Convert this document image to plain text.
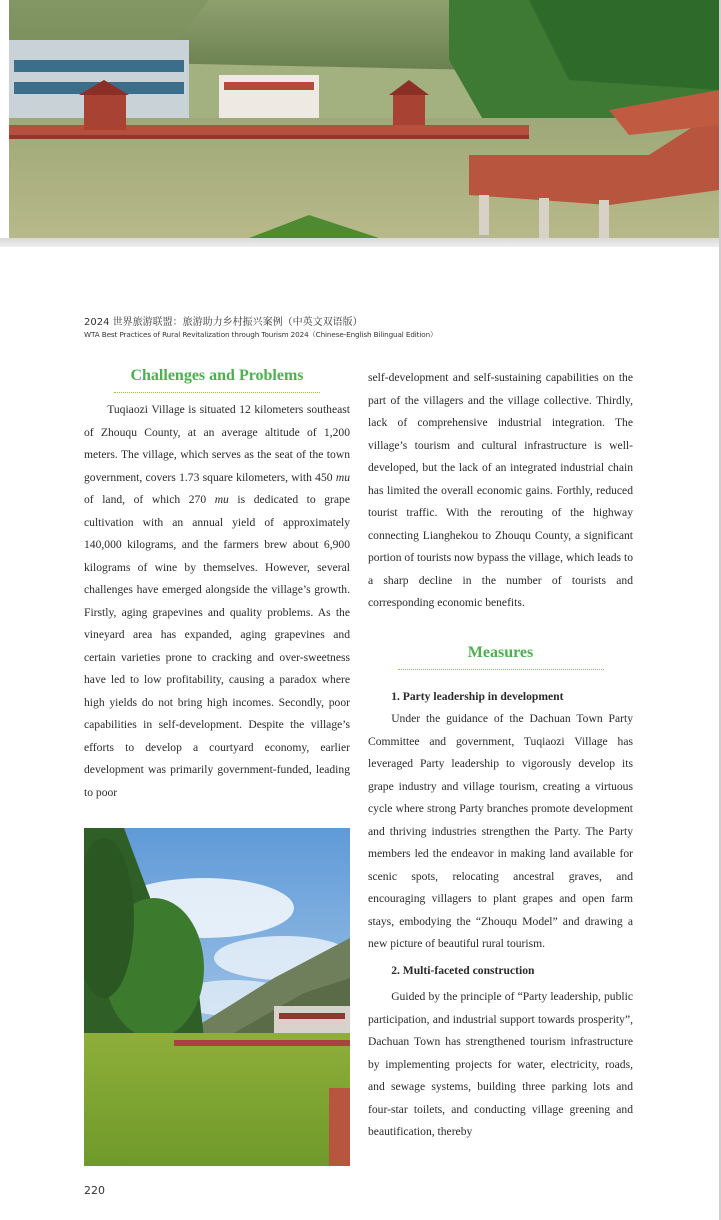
2024 世界旅游联盟：旅游助力乡村振兴案例（中英文双语版）
WTA Best Practices of Rural Revitalization through Tourism 2024（Chinese-English Bilingual Edition）
Challenges and Problems

Tuqiaozi Village is situated 12 kilometers southeast of Zhouqu County, at an average altitude of 1,200 meters. The village, which serves as the seat of the town government, covers 1.73 square kilometers, with 450 mu of land, of which 270 mu is dedicated to grape cultivation with an annual yield of approximately 140,000 kilograms, and the farmers brew about 6,900 kilograms of wine by themselves. However, several challenges have emerged alongside the village’s growth. Firstly, aging grapevines and quality problems. As the vineyard area has expanded, aging grapevines and certain varieties prone to cracking and over-sweetness have led to low profitability, causing a paradox where high yields do not bring high incomes. Secondly, poor capabilities in self-development. Despite the village’s efforts to develop a courtyard economy, earlier development was primarily government-funded, leading to poor

self-development and self-sustaining capabilities on the part of the villagers and the village collective. Thirdly, lack of comprehensive industrial integration. The village’s tourism and cultural infrastructure is well-developed, but the lack of an integrated industrial chain has limited the overall economic gains. Forthly, reduced tourist traffic. With the rerouting of the highway connecting Lianghekou to Zhouqu County, a significant portion of tourists now bypass the village, which leads to a sharp decline in the number of tourists and corresponding economic benefits.

Measures

1. Party leadership in development

Under the guidance of the Dachuan Town Party Committee and government, Tuqiaozi Village has leveraged Party leadership to vigorously develop its grape industry and village tourism, creating a virtuous cycle where strong Party branches promote development and thriving industries strengthen the Party. The Party members led the endeavor in making land available for scenic spots, relocating ancestral graves, and encouraging villagers to plant grapes and open farm stays, embodying the “Zhouqu Model” and drawing a new picture of beautiful rural tourism.

2. Multi-faceted construction

Guided by the principle of “Party leadership, public participation, and industrial support towards prosperity”, Dachuan Town has strengthened tourism infrastructure by implementing projects for water, electricity, roads, and sewage systems, building three parking lots and four-star toilets, and conducting village greening and beautification, thereby

220
